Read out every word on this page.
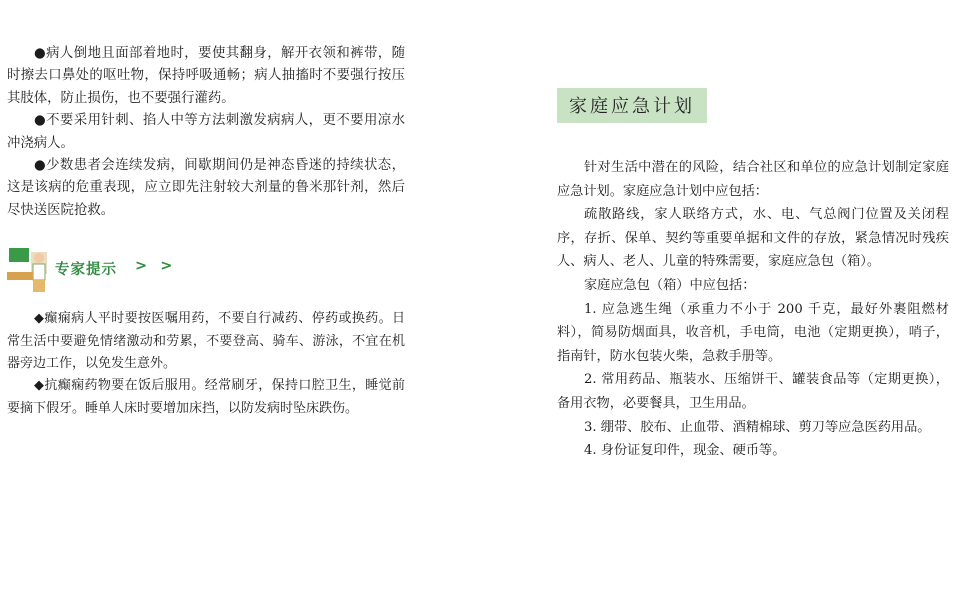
●病人倒地且面部着地时，要使其翻身，解开衣领和裤带，随时擦去口鼻处的呕吐物，保持呼吸通畅；病人抽搐时不要强行按压其肢体，防止损伤，也不要强行灌药。

●不要采用针刺、掐人中等方法刺激发病病人，更不要用凉水冲浇病人。

●少数患者会连续发病，间歇期间仍是神态昏迷的持续状态，这是该病的危重表现，应立即先注射较大剂量的鲁米那针剂，然后尽快送医院抢救。

专家提示 > >

◆癫痫病人平时要按医嘱用药，不要自行减药、停药或换药。日常生活中要避免情绪激动和劳累，不要登高、骑车、游泳，不宜在机器旁边工作，以免发生意外。

◆抗癫痫药物要在饭后服用。经常刷牙，保持口腔卫生，睡觉前要摘下假牙。睡单人床时要增加床挡，以防发病时坠床跌伤。

家庭应急计划

针对生活中潜在的风险，结合社区和单位的应急计划制定家庭应急计划。家庭应急计划中应包括：

疏散路线，家人联络方式，水、电、气总阀门位置及关闭程序，存折、保单、契约等重要单据和文件的存放，紧急情况时残疾人、病人、老人、儿童的特殊需要，家庭应急包（箱）。

家庭应急包（箱）中应包括：

1. 应急逃生绳（承重力不小于 200 千克，最好外裹阻燃材料），简易防烟面具，收音机，手电筒，电池（定期更换），哨子，指南针，防水包装火柴，急救手册等。

2. 常用药品、瓶装水、压缩饼干、罐装食品等（定期更换），备用衣物，必要餐具，卫生用品。

3. 绷带、胶布、止血带、酒精棉球、剪刀等应急医药用品。

4. 身份证复印件，现金、硬币等。
